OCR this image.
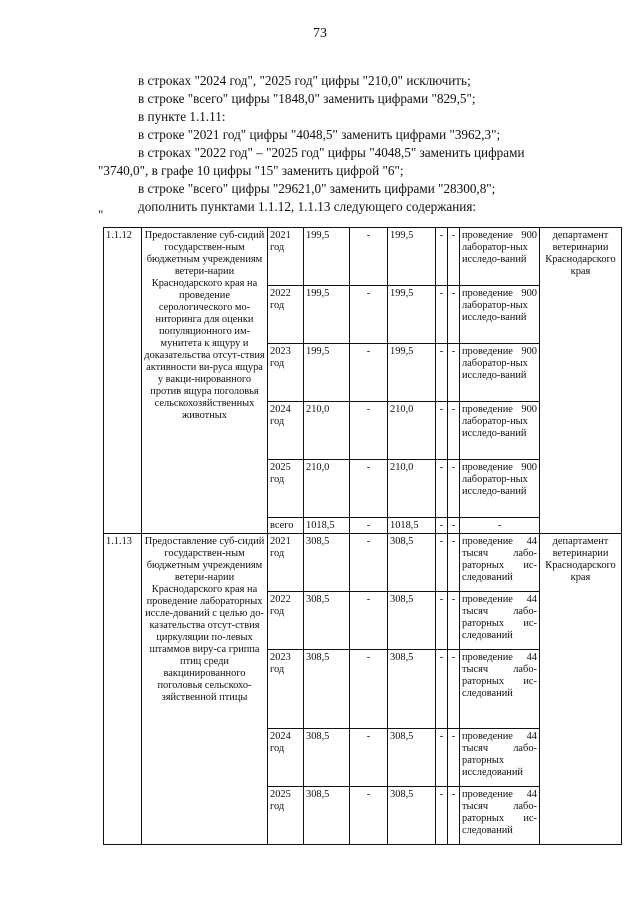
73
в строках "2024 год", "2025 год" цифры "210,0" исключить;
в строке "всего" цифры "1848,0" заменить цифрами "829,5";
в пункте 1.1.11:
в строке "2021 год" цифры "4048,5" заменить цифрами "3962,3";
в строках "2022 год" – "2025 год" цифры "4048,5" заменить цифрами
"3740,0", в графе 10 цифры "15" заменить цифрой "6";
в строке "всего" цифры "29621,0" заменить цифрами "28300,8";
дополнить пунктами 1.1.12, 1.1.13 следующего содержания:
"
1.1.12	Предоставление суб-сидий государствен-ным бюджетным учреждениям ветери-нарии Краснодарского края на проведение серологического мо-ниторинга для оценки популяционного им-мунитета к ящуру и доказательства отсут-ствия активности ви-руса ящура у вакци-нированного против ящура поголовья сельскохозяйственных животных	2021 год	199,5	-	199,5	-	-	проведение 900 лаборатор-ных исследо-ваний	департамент ветеринарии Краснодарского края
		2022 год	199,5	-	199,5	-	-	проведение 900 лаборатор-ных исследо-ваний	
		2023 год	199,5	-	199,5	-	-	проведение 900 лаборатор-ных исследо-ваний	
		2024 год	210,0	-	210,0	-	-	проведение 900 лаборатор-ных исследо-ваний	
		2025 год	210,0	-	210,0	-	-	проведение 900 лаборатор-ных исследо-ваний	
		всего	1018,5	-	1018,5	-	-	-	
1.1.13	Предоставление суб-сидий государствен-ным бюджетным учреждениям ветери-нарии Краснодарского края на проведение лабораторных иссле-дований с целью до-казательства отсут-ствия циркуляции по-левых штаммов виру-са гриппа птиц среди вакцинированного поголовья сельскохо-зяйственной птицы	2021 год	308,5	-	308,5	-	-	проведение 44 тысяч лабо-раторных ис-следований	департамент ветеринарии Краснодарского края
		2022 год	308,5	-	308,5	-	-	проведение 44 тысяч лабо-раторных ис-следований	
		2023 год	308,5	-	308,5	-	-	проведение 44 тысяч лабо-раторных ис-следований	
		2024 год	308,5	-	308,5	-	-	проведение 44 тысяч лабо-раторных исследований	
		2025 год	308,5	-	308,5	-	-	проведение 44 тысяч лабо-раторных ис-следований	
